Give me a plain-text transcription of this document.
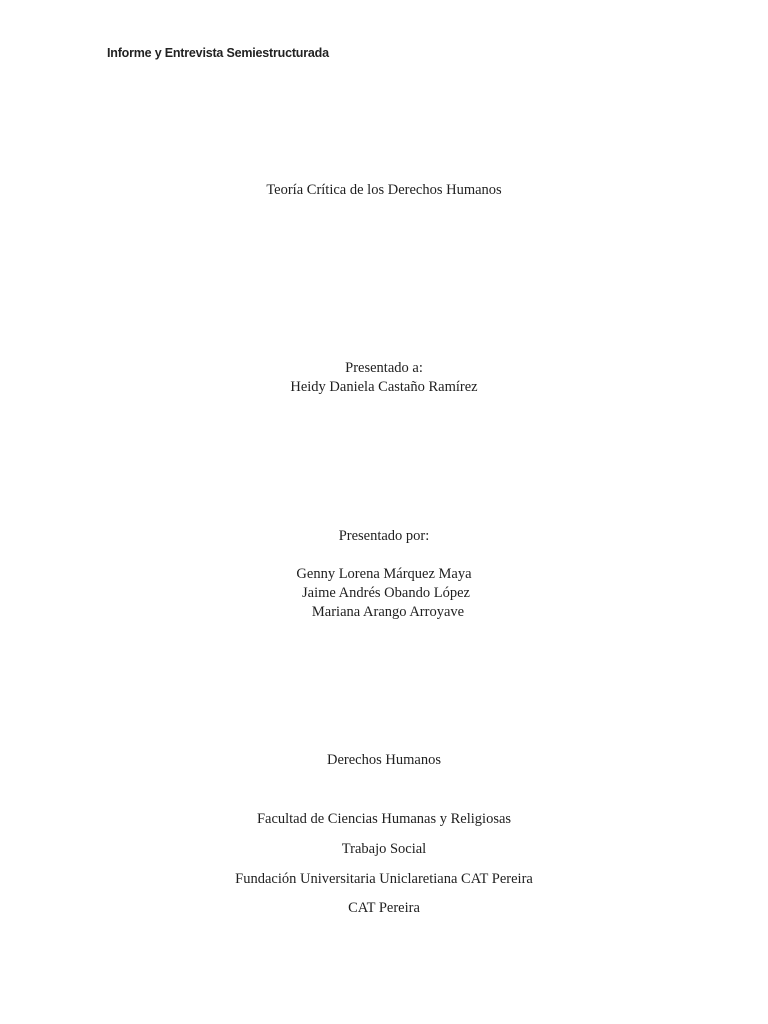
Informe y Entrevista Semiestructurada
Teoría Crítica de los Derechos Humanos
Presentado a:
Heidy Daniela Castaño Ramírez
Presentado por:
Genny Lorena Márquez Maya
Jaime Andrés Obando López
Mariana Arango Arroyave
Derechos Humanos
Facultad de Ciencias Humanas y Religiosas
Trabajo Social
Fundación Universitaria Uniclaretiana CAT Pereira
CAT Pereira
